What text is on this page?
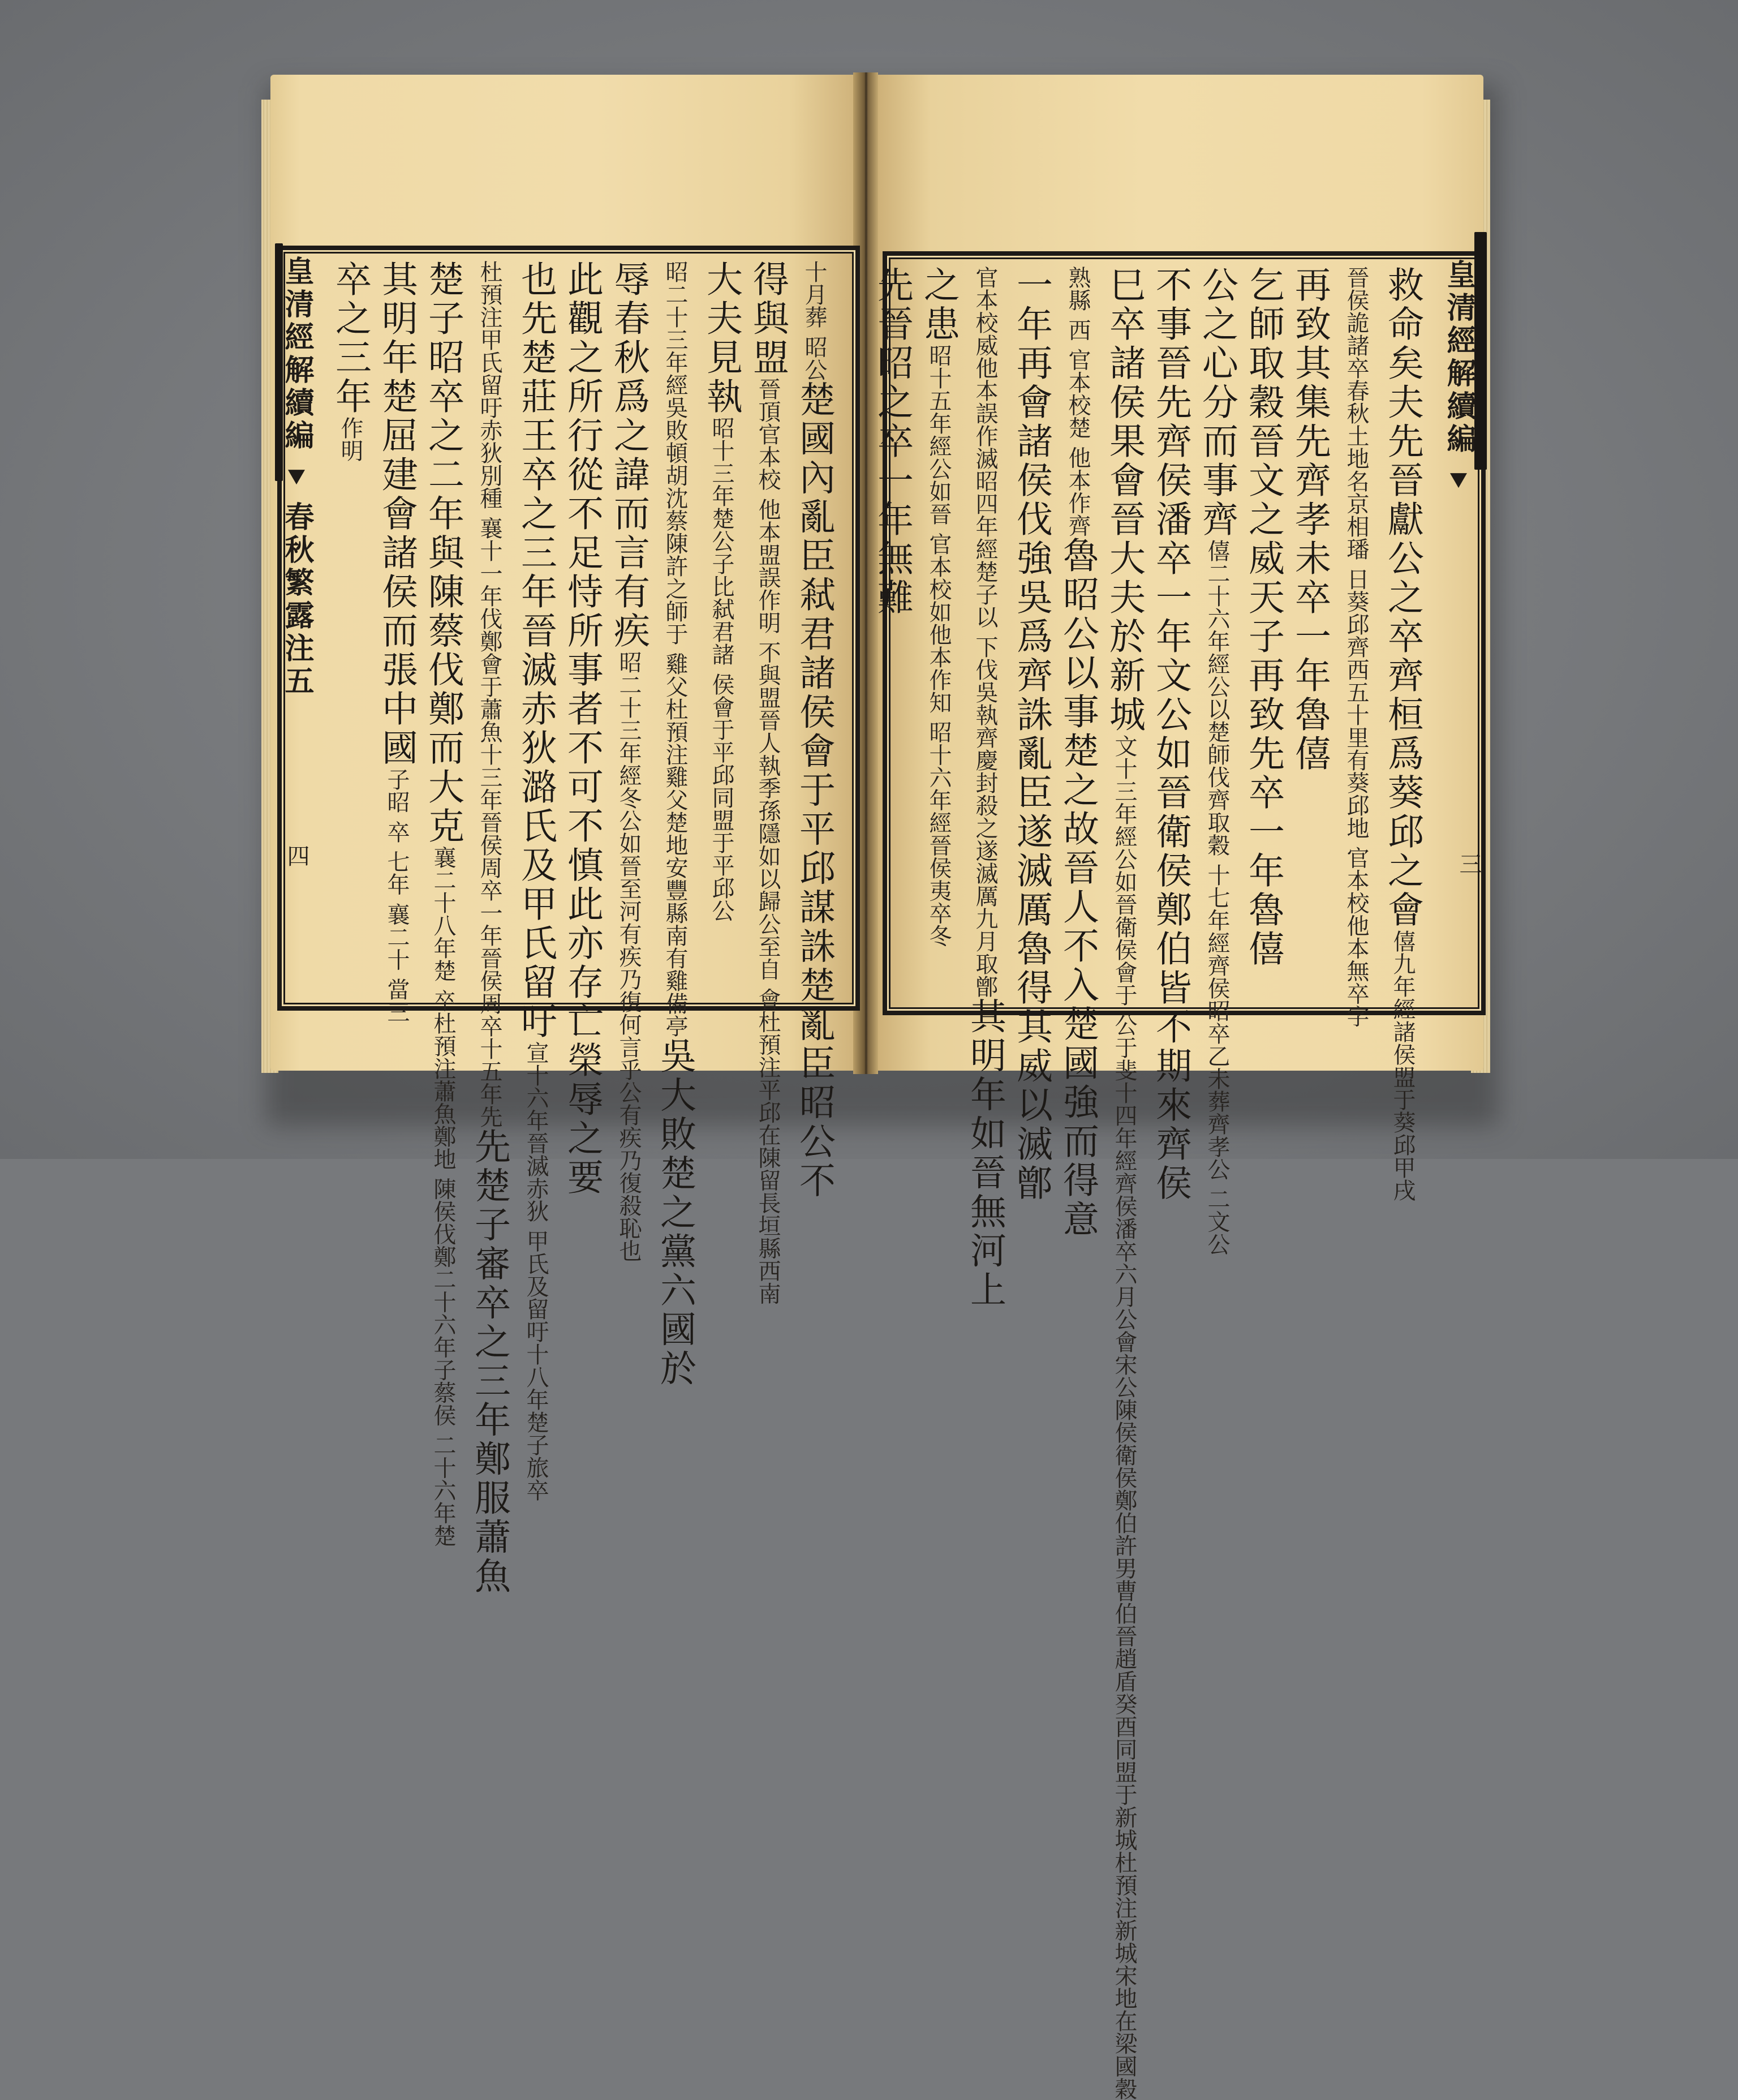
皇清經解續編  春秋繁露注五
四
皇清經解續編
三
十月葬 昭公楚國內亂臣弒君諸侯會于平邱謀誅楚亂臣昭公不
得與盟晉頂官本校 他本盟誤作明 不與盟晉人執季孫隱如以歸公至自 會杜預注平邱在陳留長垣縣西南
大夫見執昭十三年楚公子比弑君諸 侯會于平邱同盟于平邱公
昭二十三年經吳敗頓胡沈蔡陳許之師于 雞父杜預注雞父楚地安豐縣南有雞備亭吳大敗楚之黨六國於
辱春秋爲之諱而言有疾昭二十三年經冬公如晉至河有疾乃復何言乎公有疾乃復殺恥也
此觀之所行從不足恃所事者不可不慎此亦存亡榮辱之要
也先楚莊王卒之三年晉滅赤狄潞氏及甲氏留吁宣十六年晉滅赤狄 甲氏及留吁十八年楚子旅卒
杜預注甲氏留吁赤狄別種 襄十一年伐鄭會于蕭魚十三年晉侯周卒一年晉侯周卒十五年先先楚子審卒之三年鄭服蕭魚
楚子昭卒之二年與陳蔡伐鄭而大克襄二十八年楚 卒杜預注蕭魚鄭地 陳侯伐鄭二十六年子蔡侯 二十六年楚
其明年楚屈建會諸侯而張中國子昭 卒 七年 襄二十 當三
卒之三年作明	救命矣夫先晉獻公之卒齊桓爲葵邱之會僖九年經諸侯盟于葵邱甲戌
晉侯詭諸卒春秋土地名京相璠 日葵邱齊西五十里有葵邱地 官本校他本無卒字
再致其集先齊孝未卒一年魯僖
乞師取穀晉文之威天子再致先卒一年魯僖
公之心分而事齊僖二十六年經公以楚師伐齊取穀 十七年經齊侯昭卒乙未葬齊孝公 二文公
不事晉先齊侯潘卒一年文公如晉衛侯鄭伯皆不期來齊侯
巳卒諸侯果會晉大夫於新城文十三年經公如晉衛侯會于 公于斐十四年經齊侯潘卒六月公會宋公陳侯衛侯鄭伯許男曹伯晉趙盾癸酉同盟于新城杜預注新城宋地在梁國穀
熟縣 西 官本校楚 他本作齊魯昭公以事楚之故晉人不入楚國強而得意
一年再會諸侯伐強吳爲齊誅亂臣遂滅厲魯得其威以滅鄫
官本校威他本誤作滅昭四年經楚子以 下伐吳執齊慶封殺之遂滅厲九月取鄫其明年如晉無河上
之患昭十五年經公如晉 官本校如他本作知 昭十六年經晉侯夷卒冬
先晉昭之卒一年無難
